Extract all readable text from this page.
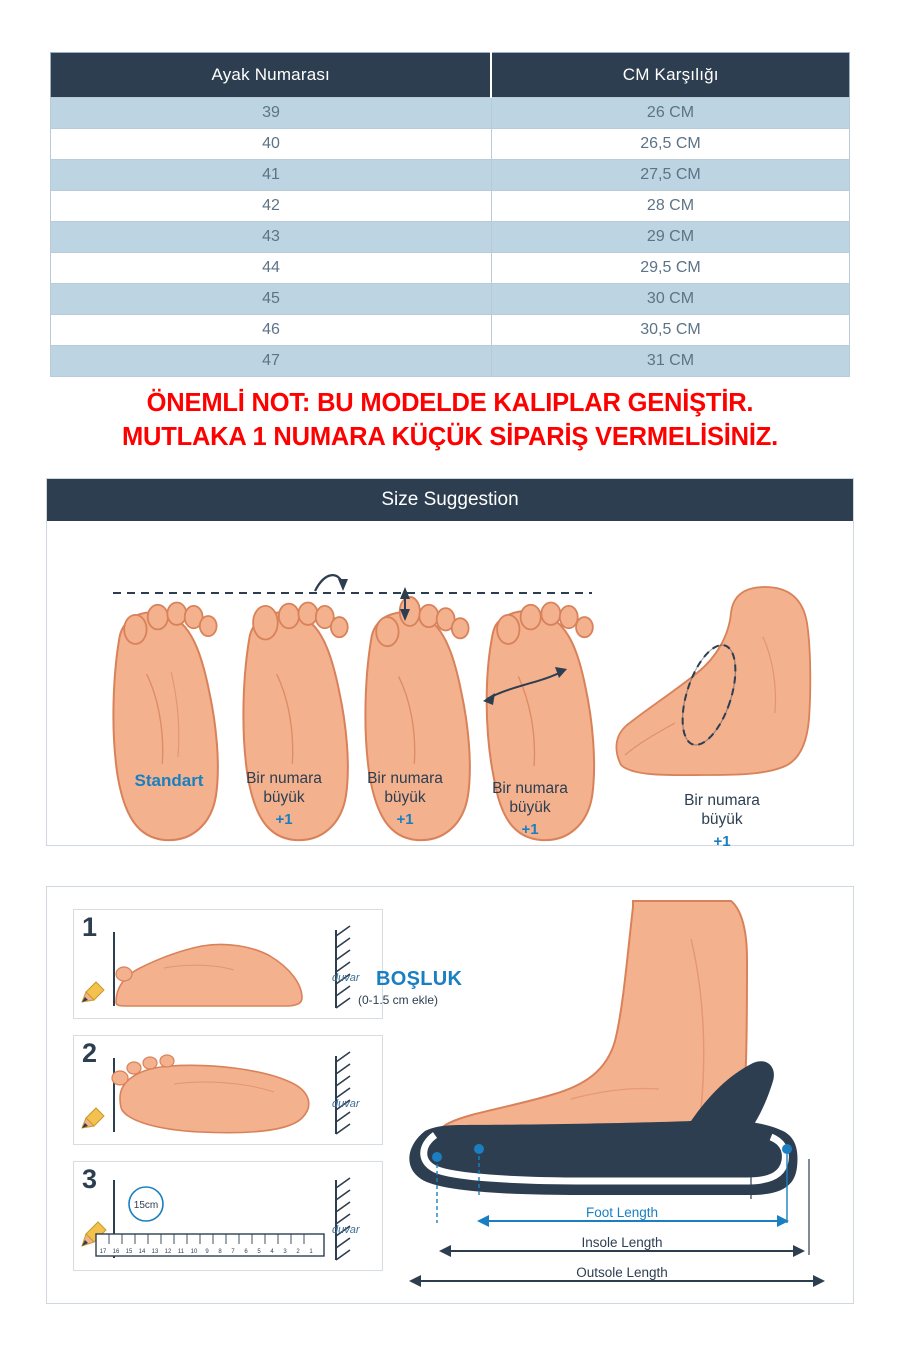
Ayak Numarası	CM Karşılığı
39	26 CM
40	26,5 CM
41	27,5 CM
42	28 CM
43	29 CM
44	29,5 CM
45	30 CM
46	30,5 CM
47	31 CM
ÖNEMLİ NOT: BU MODELDE KALIPLAR GENİŞTİR.
MUTLAKA 1 NUMARA KÜÇÜK SİPARİŞ VERMELİSİNİZ.
Size Suggestion
Standart	Bir numara
büyük
+1
Bir numara
büyük
+1
Bir numara
büyük
+1
Bir numara
büyük
+1
1
duvar
2
duvar
3
15cm
17 16 15 14 13 12 11 10 9 8 7 6 5 4 3 2 1
duvar
Foot Length
Insole Length
Outsole Length
BOŞLUK
(0-1.5 cm ekle)
